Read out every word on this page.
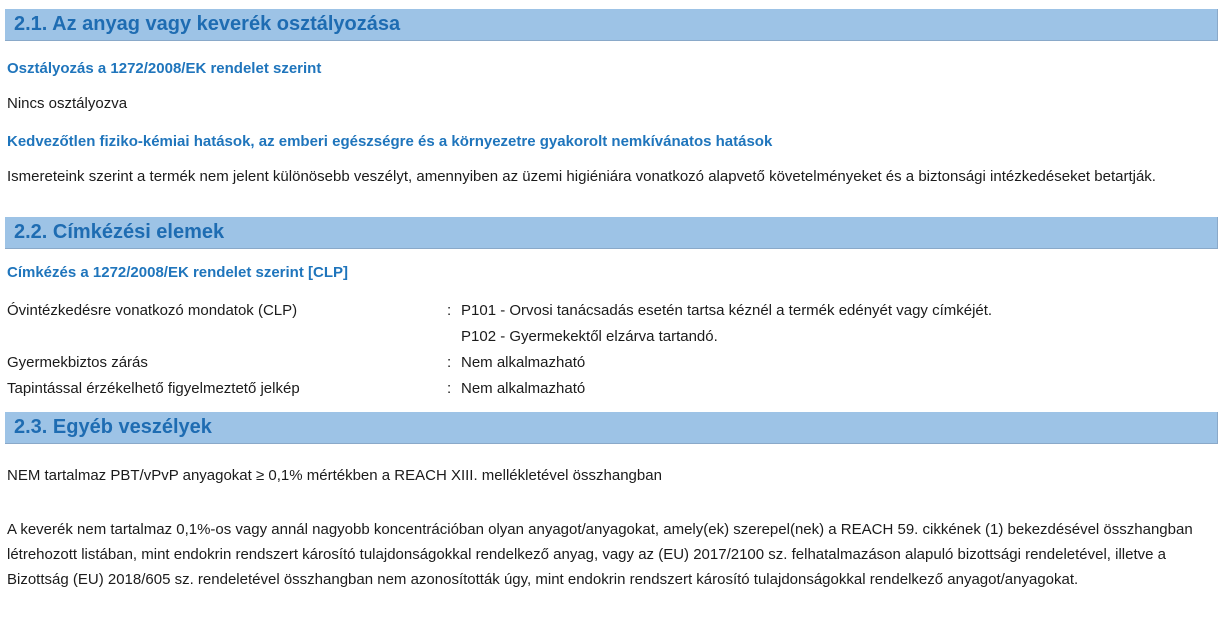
2.1. Az anyag vagy keverék osztályozása
Osztályozás a 1272/2008/EK rendelet szerint

Nincs osztályozva

Kedvezőtlen fiziko-kémiai hatások, az emberi egészségre és a környezetre gyakorolt nemkívánatos hatások

Ismereteink szerint a termék nem jelent különösebb veszélyt, amennyiben az üzemi higiéniára vonatkozó alapvető követelményeket és a biztonsági intézkedéseket betartják.

2.2. Címkézési elemek
Címkézés a 1272/2008/EK rendelet szerint [CLP]
Óvintézkedésre vonatkozó mondatok (CLP)	: P101 - Orvosi tanácsadás esetén tartsa kéznél a termék edényét vagy címkéjét.
P102 - Gyermekektől elzárva tartandó.
Gyermekbiztos zárás	: Nem alkalmazható
Tapintással érzékelhető figyelmeztető jelkép	: Nem alkalmazható
2.3. Egyéb veszélyek

NEM tartalmaz PBT/vPvP anyagokat ≥ 0,1% mértékben a REACH XIII. mellékletével összhangban

A keverék nem tartalmaz 0,1%-os vagy annál nagyobb koncentrációban olyan anyagot/anyagokat, amely(ek) szerepel(nek) a REACH 59. cikkének (1) bekezdésével összhangban létrehozott listában, mint endokrin rendszert károsító tulajdonságokkal rendelkező anyag, vagy az (EU) 2017/2100 sz. felhatalmazáson alapuló bizottsági rendeletével, illetve a Bizottság (EU) 2018/605 sz. rendeletével összhangban nem azonosították úgy, mint endokrin rendszert károsító tulajdonságokkal rendelkező anyagot/anyagokat.
